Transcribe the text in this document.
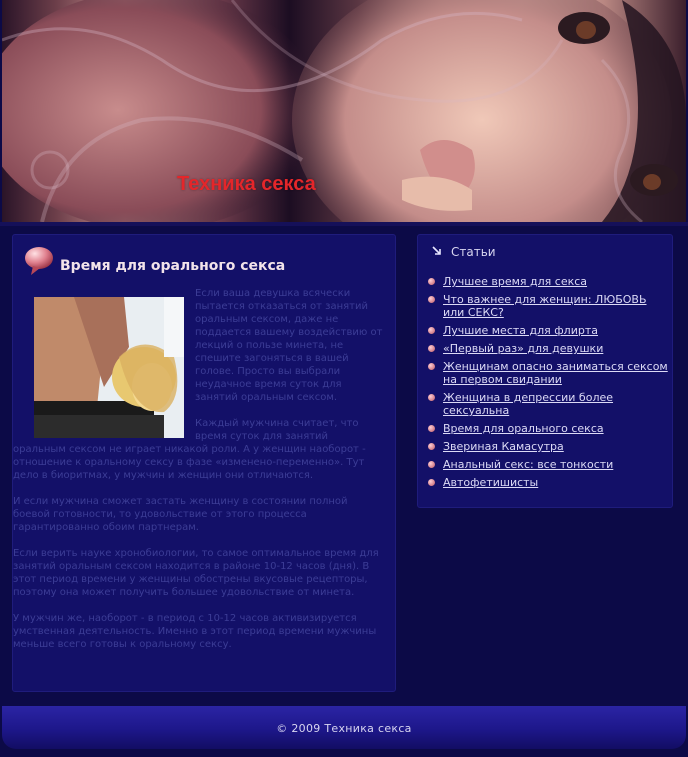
Техника секса
Время для орального секса

Если ваша девушка всячески пытается отказаться от занятий оральным сексом, даже не поддается вашему воздействию от лекций о пользе минета, не спешите загоняться в вашей голове. Просто вы выбрали неудачное время суток для занятий оральным сексом.

Каждый мужчина считает, что время суток для занятий оральным сексом не играет никакой роли. А у женщин наоборот - отношение к оральному сексу в фазе «изменено-переменно». Тут дело в биоритмах, у мужчин и женщин они отличаются.

И если мужчина сможет застать женщину в состоянии полной боевой готовности, то удовольствие от этого процесса гарантированно обоим партнерам.

Если верить науке хронобиологии, то самое оптимальное время для занятий оральным сексом находится в районе 10-12 часов (дня). В этот период времени у женщины обострены вкусовые рецепторы, поэтому она может получить большее удовольствие от минета.

У мужчин же, наоборот - в период с 10-12 часов активизируется умственная деятельность. Именно в этот период времени мужчины меньше всего готовы к оральному сексу.

Статьи
Лучшее время для секса
Что важнее для женщин: ЛЮБОВЬ или СЕКС?
Лучшие места для флирта
«Первый раз» для девушки
Женщинам опасно заниматься сексом на первом свидании
Женщина в депрессии более сексуальна
Время для орального секса
Звериная Камасутра
Анальный секс: все тонкости
Автофетишисты
© 2009 Техника секса
